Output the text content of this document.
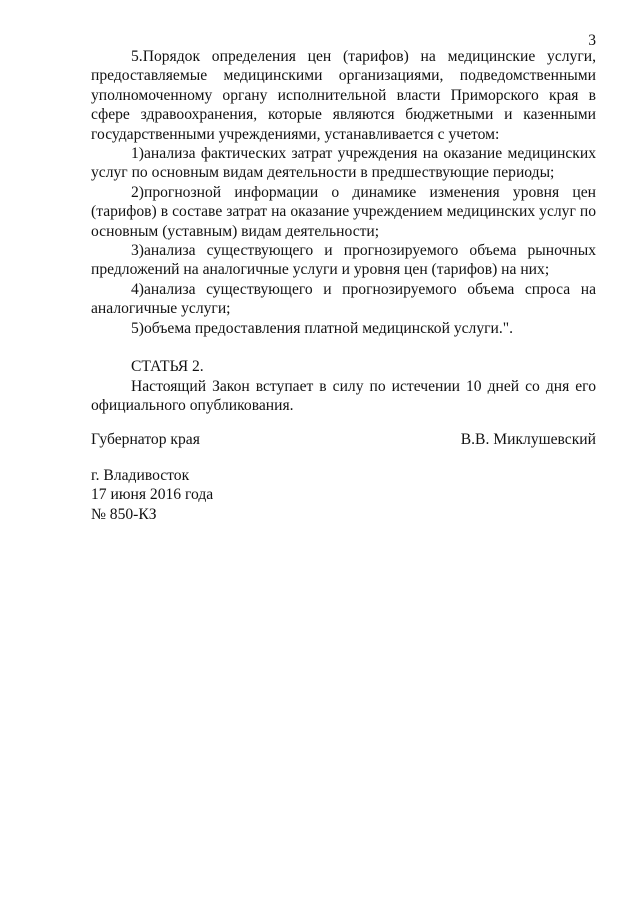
3

5.Порядок определения цен (тарифов) на медицинские услуги, предоставляемые медицинскими организациями, подведомственными уполномоченному органу исполнительной власти Приморского края в сфере здравоохранения, которые являются бюджетными и казенными государственными учреждениями, устанавливается с учетом:

1)анализа фактических затрат учреждения на оказание медицинских услуг по основным видам деятельности в предшествующие периоды;

2)прогнозной информации о динамике изменения уровня цен (тарифов) в составе затрат на оказание учреждением медицинских услуг по основным (уставным) видам деятельности;

3)анализа существующего и прогнозируемого объема рыночных предложений на аналогичные услуги и уровня цен (тарифов) на них;

4)анализа существующего и прогнозируемого объема спроса на аналогичные услуги;

5)объема предоставления платной медицинской услуги.".

СТАТЬЯ 2.

Настоящий Закон вступает в силу по истечении 10 дней со дня его официального опубликования.

Губернатор края	В.В. Миклушевский
г. Владивосток
17 июня 2016 года
№ 850-КЗ
